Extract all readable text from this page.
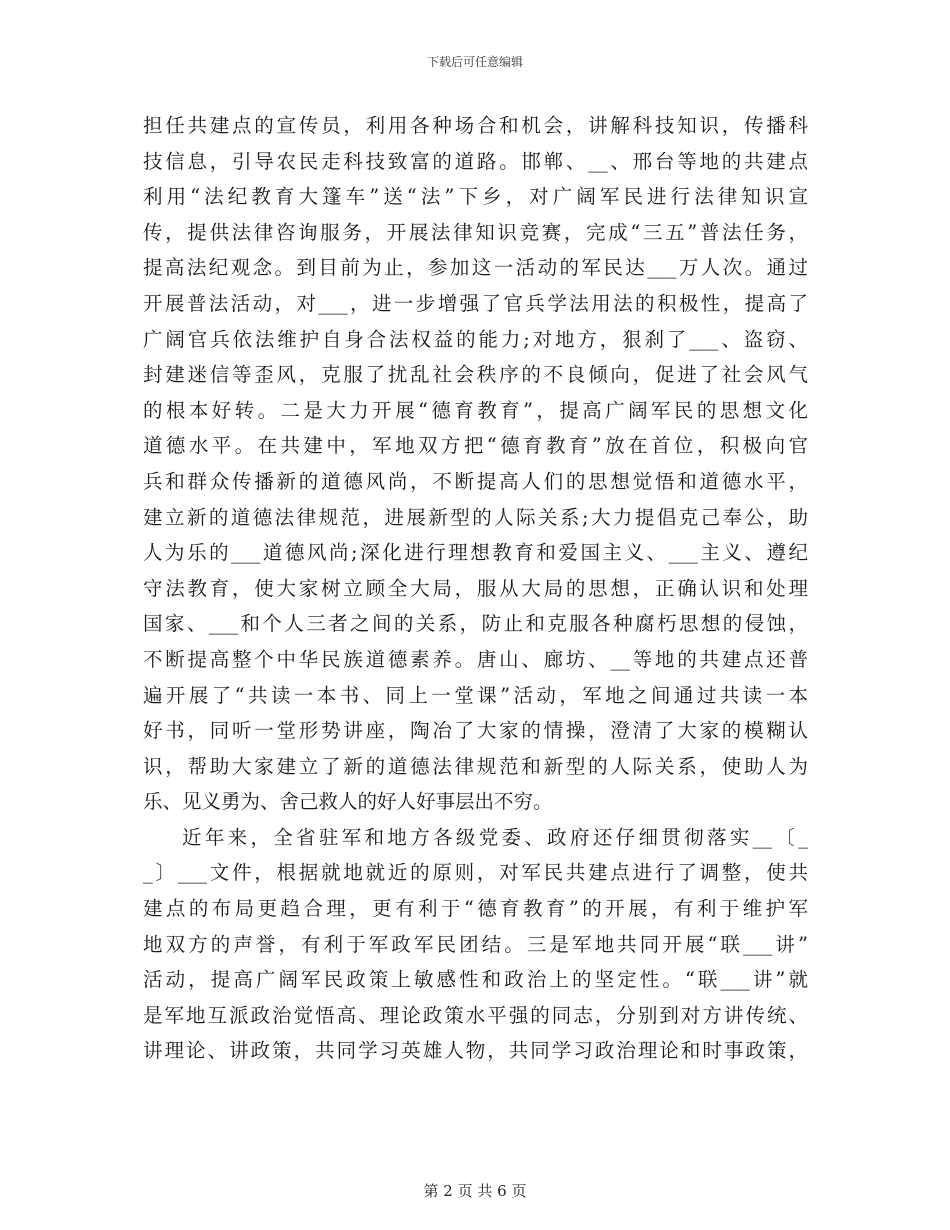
下载后可任意编辑
担任共建点的宣传员，利用各种场合和机会，讲解科技知识，传播科
技信息，引导农民走科技致富的道路。邯郸、__、邢台等地的共建点
利用“法纪教育大篷车”送“法”下乡，对广阔军民进行法律知识宣
传，提供法律咨询服务，开展法律知识竞赛，完成“三五”普法任务，
提高法纪观念。到目前为止，参加这一活动的军民达___万人次。通过
开展普法活动，对___，进一步增强了官兵学法用法的积极性，提高了
广阔官兵依法维护自身合法权益的能力;对地方，狠刹了___、盗窃、
封建迷信等歪风，克服了扰乱社会秩序的不良倾向，促进了社会风气
的根本好转。二是大力开展“德育教育”，提高广阔军民的思想文化
道德水平。在共建中，军地双方把“德育教育”放在首位，积极向官
兵和群众传播新的道德风尚，不断提高人们的思想觉悟和道德水平，
建立新的道德法律规范，进展新型的人际关系;大力提倡克己奉公，助
人为乐的___道德风尚;深化进行理想教育和爱国主义、___主义、遵纪
守法教育，使大家树立顾全大局，服从大局的思想，正确认识和处理
国家、___和个人三者之间的关系，防止和克服各种腐朽思想的侵蚀，
不断提高整个中华民族道德素养。唐山、廊坊、__等地的共建点还普
遍开展了“共读一本书、同上一堂课”活动，军地之间通过共读一本
好书，同听一堂形势讲座，陶冶了大家的情操，澄清了大家的模糊认
识，帮助大家建立了新的道德法律规范和新型的人际关系，使助人为
乐、见义勇为、舍己救人的好人好事层出不穷。
近年来，全省驻军和地方各级党委、政府还仔细贯彻落实__〔_
_〕___文件，根据就地就近的原则，对军民共建点进行了调整，使共
建点的布局更趋合理，更有利于“德育教育”的开展，有利于维护军
地双方的声誉，有利于军政军民团结。三是军地共同开展“联___讲”
活动，提高广阔军民政策上敏感性和政治上的坚定性。“联___讲”就
是军地互派政治觉悟高、理论政策水平强的同志，分别到对方讲传统、
讲理论、讲政策，共同学习英雄人物，共同学习政治理论和时事政策，
第 2 页 共 6 页
